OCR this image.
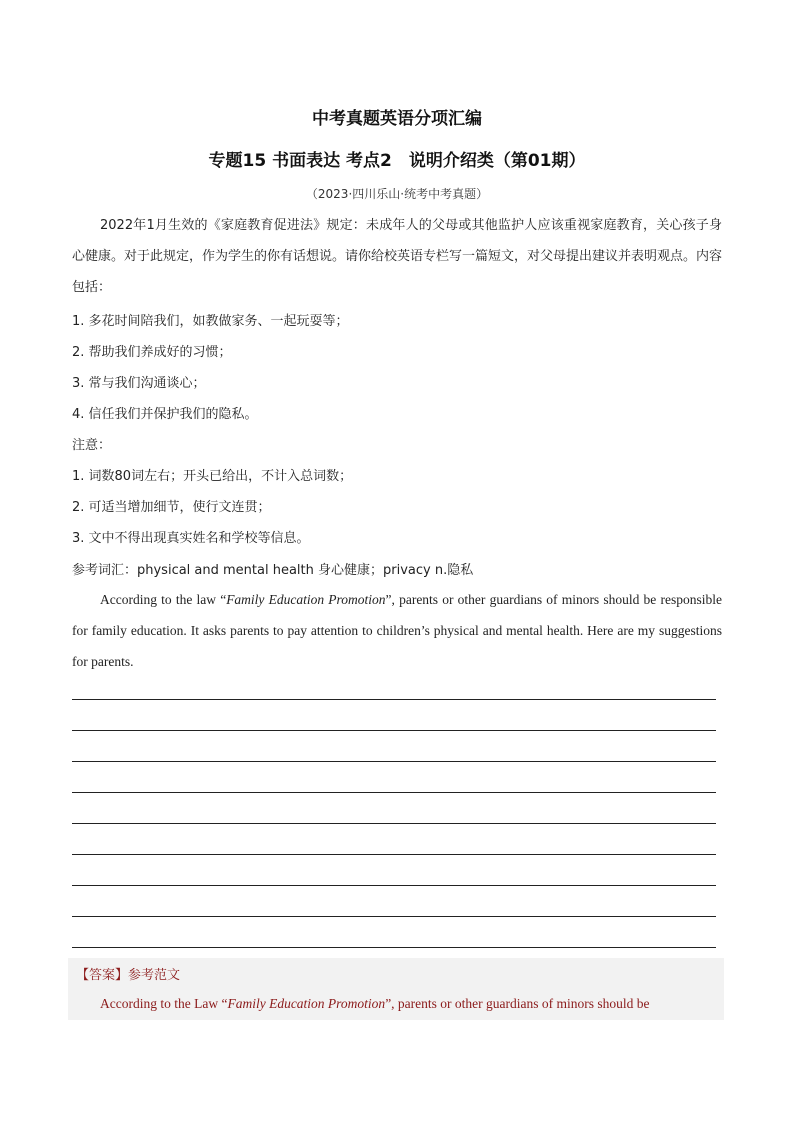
中考真题英语分项汇编
专题15 书面表达 考点2　说明介绍类（第01期）
（2023·四川乐山·统考中考真题）
2022年1月生效的《家庭教育促进法》规定：未成年人的父母或其他监护人应该重视家庭教育，关心孩子身心健康。对于此规定，作为学生的你有话想说。请你给校英语专栏写一篇短文，对父母提出建议并表明观点。内容包括：
1. 多花时间陪我们，如教做家务、一起玩耍等；
2. 帮助我们养成好的习惯；
3. 常与我们沟通谈心；
4. 信任我们并保护我们的隐私。
注意：
1. 词数80词左右；开头已给出，不计入总词数；
2. 可适当增加细节，使行文连贯；
3. 文中不得出现真实姓名和学校等信息。
参考词汇：physical and mental health 身心健康；privacy n.隐私
According to the law “Family Education Promotion”, parents or other guardians of minors should be responsible for family education. It asks parents to pay attention to children’s physical and mental health. Here are my suggestions for parents.
【答案】参考范文
According to the Law “Family Education Promotion”, parents or other guardians of minors should be
